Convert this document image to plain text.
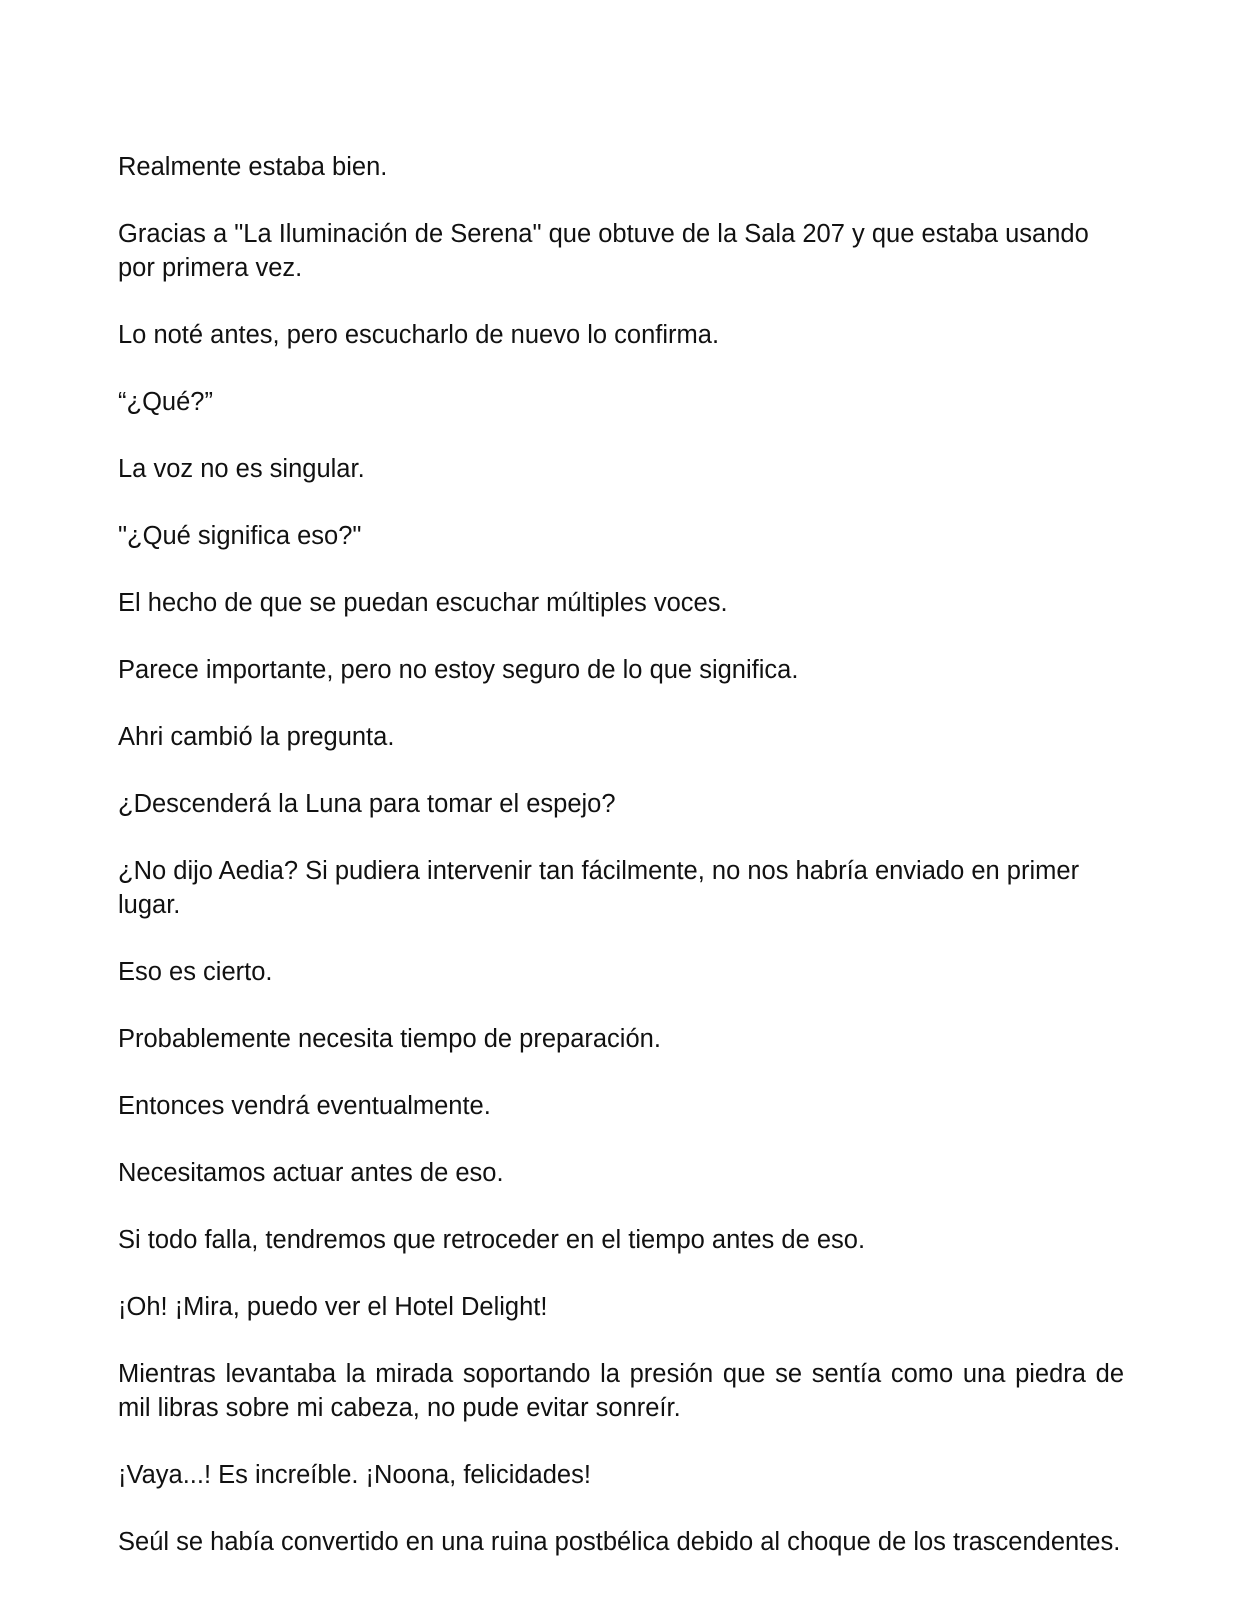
Realmente estaba bien.

Gracias a "La Iluminación de Serena" que obtuve de la Sala 207 y que estaba usando por primera vez.

Lo noté antes, pero escucharlo de nuevo lo confirma.

“¿Qué?”

La voz no es singular.

"¿Qué significa eso?"

El hecho de que se puedan escuchar múltiples voces.

Parece importante, pero no estoy seguro de lo que significa.

Ahri cambió la pregunta.

¿Descenderá la Luna para tomar el espejo?

¿No dijo Aedia? Si pudiera intervenir tan fácilmente, no nos habría enviado en primer lugar.

Eso es cierto.

Probablemente necesita tiempo de preparación.

Entonces vendrá eventualmente.

Necesitamos actuar antes de eso.

Si todo falla, tendremos que retroceder en el tiempo antes de eso.

¡Oh! ¡Mira, puedo ver el Hotel Delight!

Mientras levantaba la mirada soportando la presión que se sentía como una piedra de mil libras sobre mi cabeza, no pude evitar sonreír.

¡Vaya...! Es increíble. ¡Noona, felicidades!

Seúl se había convertido en una ruina postbélica debido al choque de los trascendentes.
